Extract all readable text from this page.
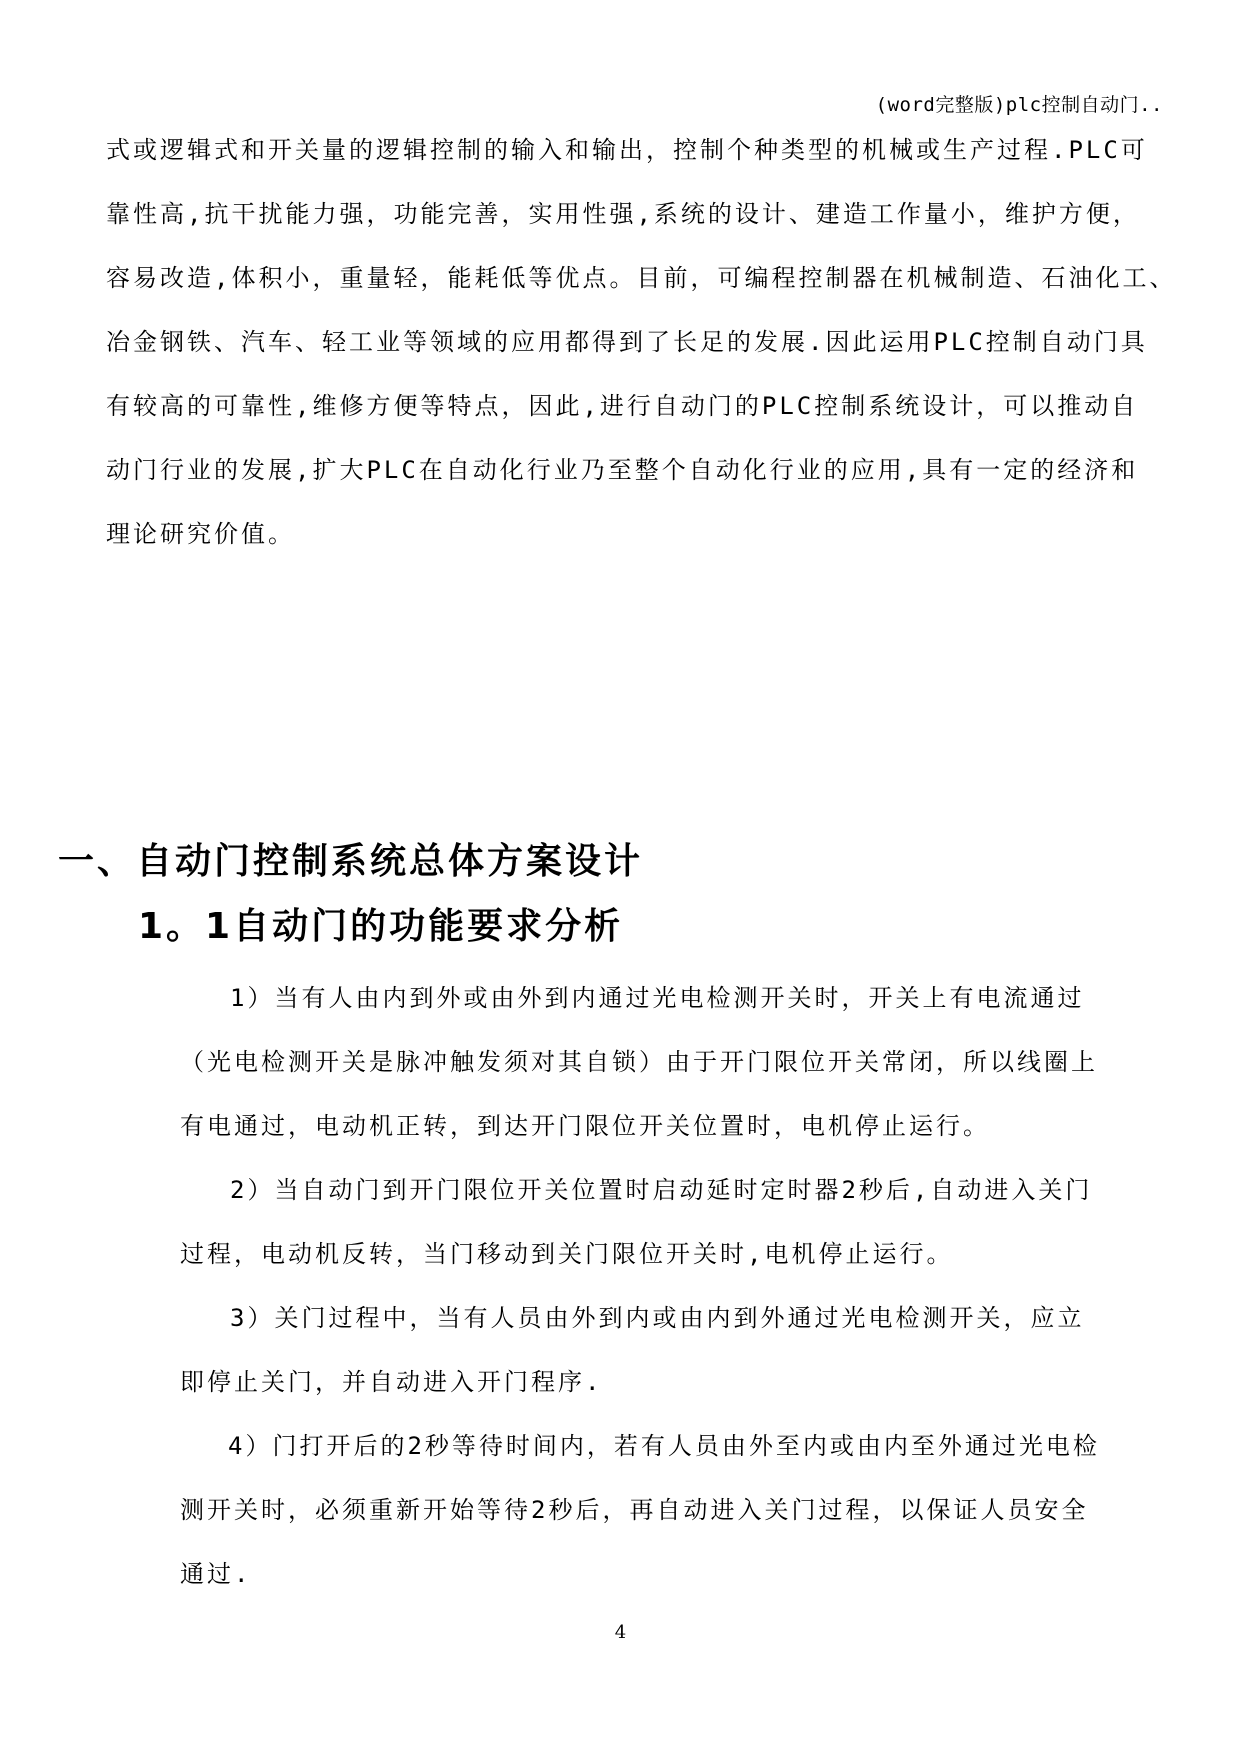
(word完整版)plc控制自动门..
式或逻辑式和开关量的逻辑控制的输入和输出，控制个种类型的机械或生产过程.PLC可
靠性高,抗干扰能力强，功能完善，实用性强,系统的设计、建造工作量小，维护方便，
容易改造,体积小，重量轻，能耗低等优点。目前，可编程控制器在机械制造、石油化工、
冶金钢铁、汽车、轻工业等领域的应用都得到了长足的发展.因此运用PLC控制自动门具
有较高的可靠性,维修方便等特点，因此,进行自动门的PLC控制系统设计，可以推动自
动门行业的发展,扩大PLC在自动化行业乃至整个自动化行业的应用,具有一定的经济和
理论研究价值。
一、自动门控制系统总体方案设计
1。1自动门的功能要求分析
1）当有人由内到外或由外到内通过光电检测开关时，开关上有电流通过
（光电检测开关是脉冲触发须对其自锁）由于开门限位开关常闭，所以线圈上
有电通过，电动机正转，到达开门限位开关位置时，电机停止运行。
2）当自动门到开门限位开关位置时启动延时定时器2秒后,自动进入关门
过程，电动机反转，当门移动到关门限位开关时,电机停止运行。
3）关门过程中，当有人员由外到内或由内到外通过光电检测开关，应立
即停止关门，并自动进入开门程序.
4）门打开后的2秒等待时间内，若有人员由外至内或由内至外通过光电检
测开关时，必须重新开始等待2秒后，再自动进入关门过程，以保证人员安全
通过.
4
